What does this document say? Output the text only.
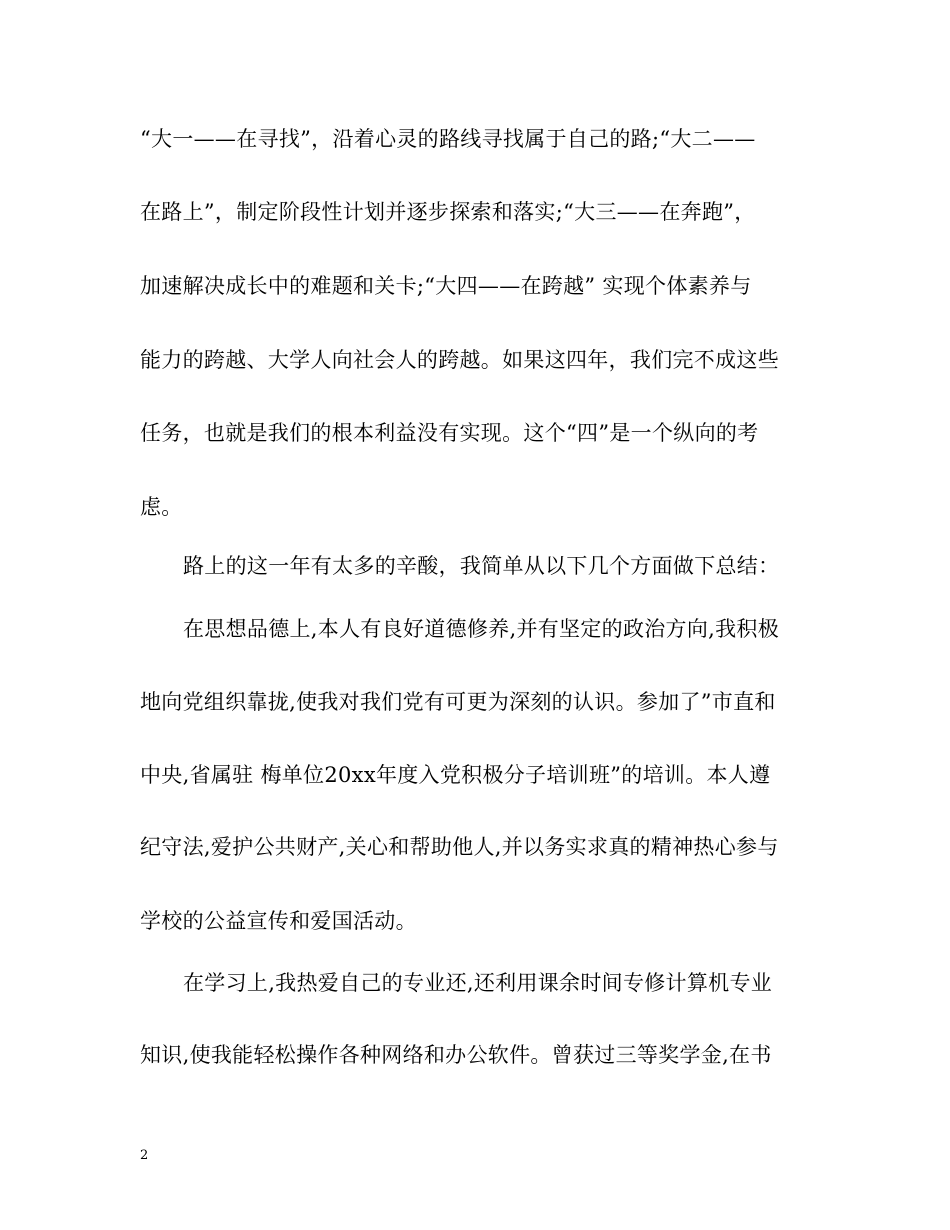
“大一——在寻找”，沿着心灵的路线寻找属于自己的路;“大二——
在路上”，制定阶段性计划并逐步探索和落实;“大三——在奔跑”，
加速解决成长中的难题和关卡;“大四——在跨越” 实现个体素养与
能力的跨越、大学人向社会人的跨越。如果这四年，我们完不成这些
任务，也就是我们的根本利益没有实现。这个“四”是一个纵向的考
虑。
路上的这一年有太多的辛酸，我简单从以下几个方面做下总结：
在思想品德上,本人有良好道德修养,并有坚定的政治方向,我积极
地向党组织靠拢,使我对我们党有可更为深刻的认识。参加了”市直和
中央,省属驻 梅单位20xx年度入党积极分子培训班”的培训。本人遵
纪守法,爱护公共财产,关心和帮助他人,并以务实求真的精神热心参与
学校的公益宣传和爱国活动。
在学习上,我热爱自己的专业还,还利用课余时间专修计算机专业
知识,使我能轻松操作各种网络和办公软件。曾获过三等奖学金,在书
2
